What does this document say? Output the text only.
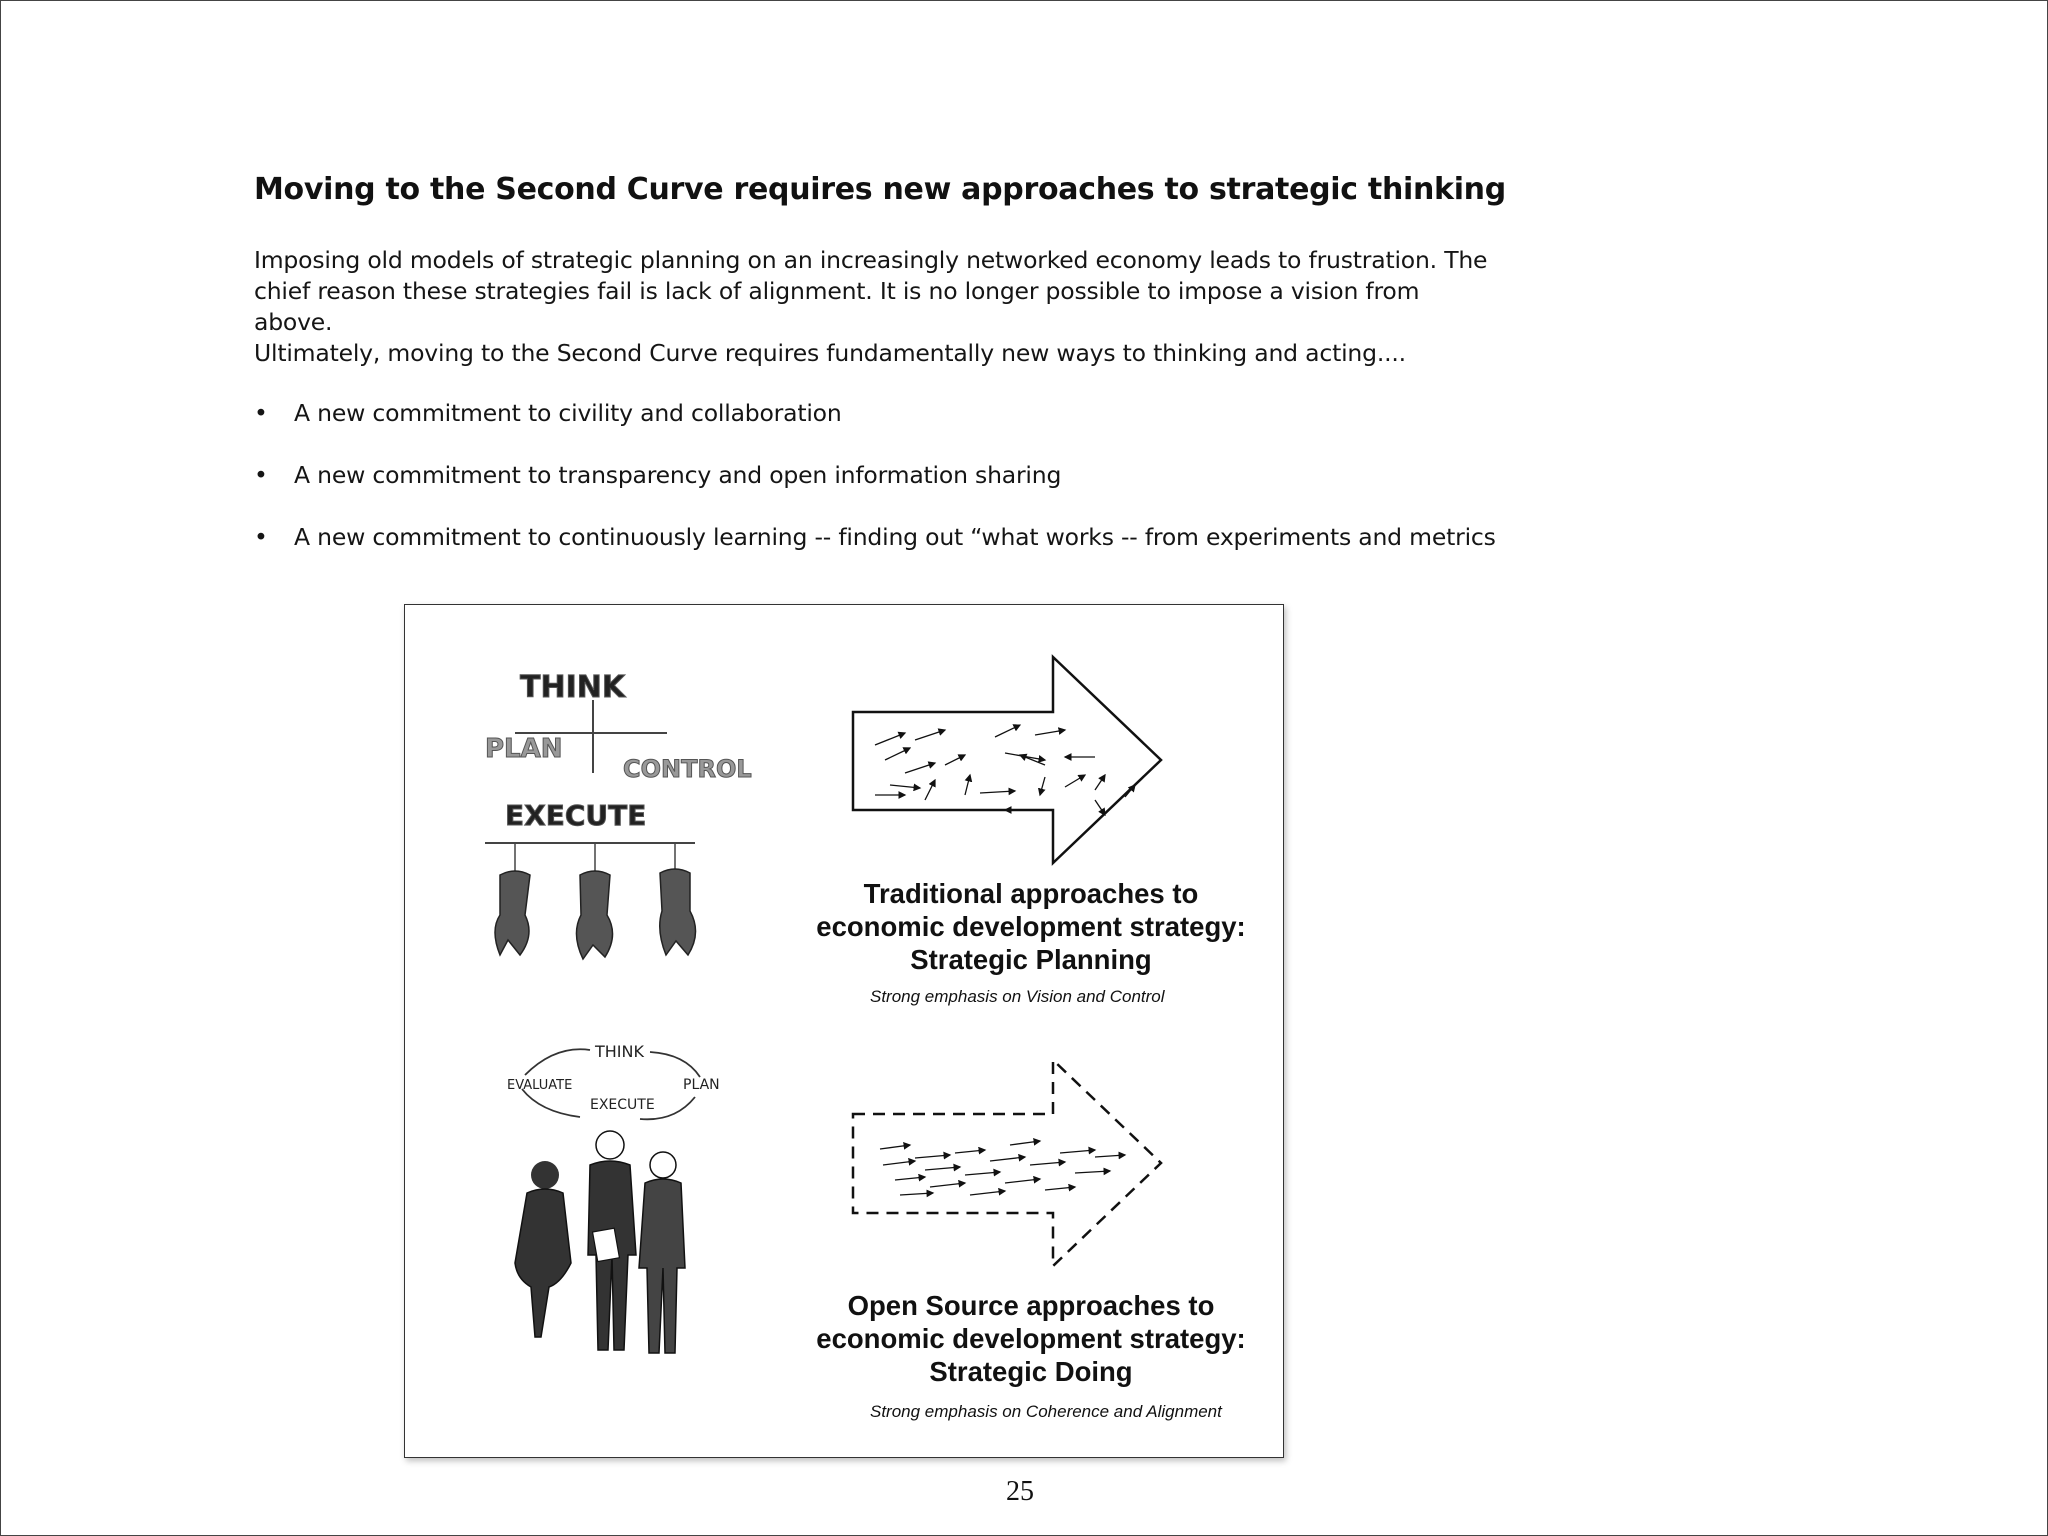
Moving to the Second Curve requires new approaches to strategic thinking
Imposing old models of strategic planning on an increasingly networked economy leads to frustration. The chief reason these strategies fail is lack of alignment. It is no longer possible to impose a vision from above.
Ultimately, moving to the Second Curve requires fundamentally new ways to thinking and acting....
• A new commitment to civility and collaboration
• A new commitment to transparency and open information sharing
• A new commitment to continuously learning -- finding out “what works -- from experiments and metrics
THINK
PLAN
CONTROL
EXECUTE
THINK
EVALUATE	PLAN
EXECUTE
Traditional approaches to
economic development strategy:
Strategic Planning
Strong emphasis on Vision and Control
Open Source approaches to
economic development strategy:
Strategic Doing
Strong emphasis on Coherence and Alignment
25
